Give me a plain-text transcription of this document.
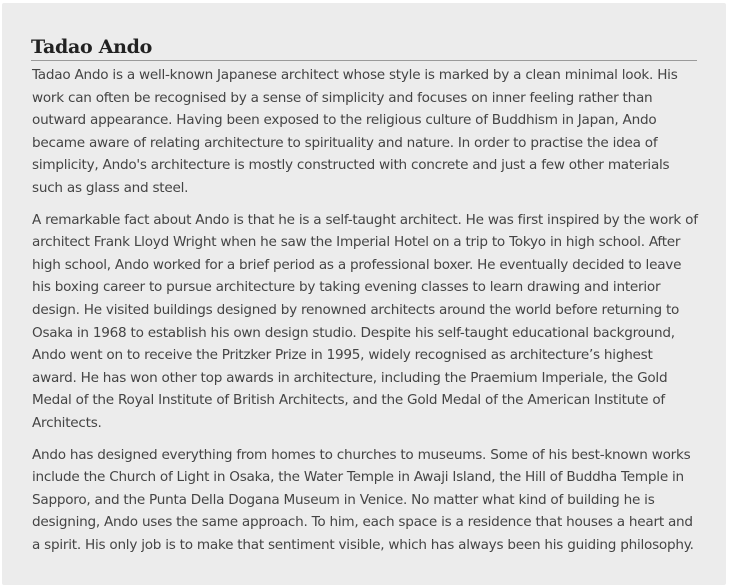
Tadao Ando

Tadao Ando is a well-known Japanese architect whose style is marked by a clean minimal look. His work can often be recognised by a sense of simplicity and focuses on inner feeling rather than outward appearance. Having been exposed to the religious culture of Buddhism in Japan, Ando became aware of relating architecture to spirituality and nature. In order to practise the idea of simplicity, Ando's architecture is mostly constructed with concrete and just a few other materials such as glass and steel.

A remarkable fact about Ando is that he is a self-taught architect. He was first inspired by the work of architect Frank Lloyd Wright when he saw the Imperial Hotel on a trip to Tokyo in high school. After high school, Ando worked for a brief period as a professional boxer. He eventually decided to leave his boxing career to pursue architecture by taking evening classes to learn drawing and interior design. He visited buildings designed by renowned architects around the world before returning to Osaka in 1968 to establish his own design studio. Despite his self-taught educational background, Ando went on to receive the Pritzker Prize in 1995, widely recognised as architecture’s highest award. He has won other top awards in architecture, including the Praemium Imperiale, the Gold Medal of the Royal Institute of British Architects, and the Gold Medal of the American Institute of Architects.

Ando has designed everything from homes to churches to museums. Some of his best-known works include the Church of Light in Osaka, the Water Temple in Awaji Island, the Hill of Buddha Temple in Sapporo, and the Punta Della Dogana Museum in Venice. No matter what kind of building he is designing, Ando uses the same approach. To him, each space is a residence that houses a heart and a spirit. His only job is to make that sentiment visible, which has always been his guiding philosophy.
